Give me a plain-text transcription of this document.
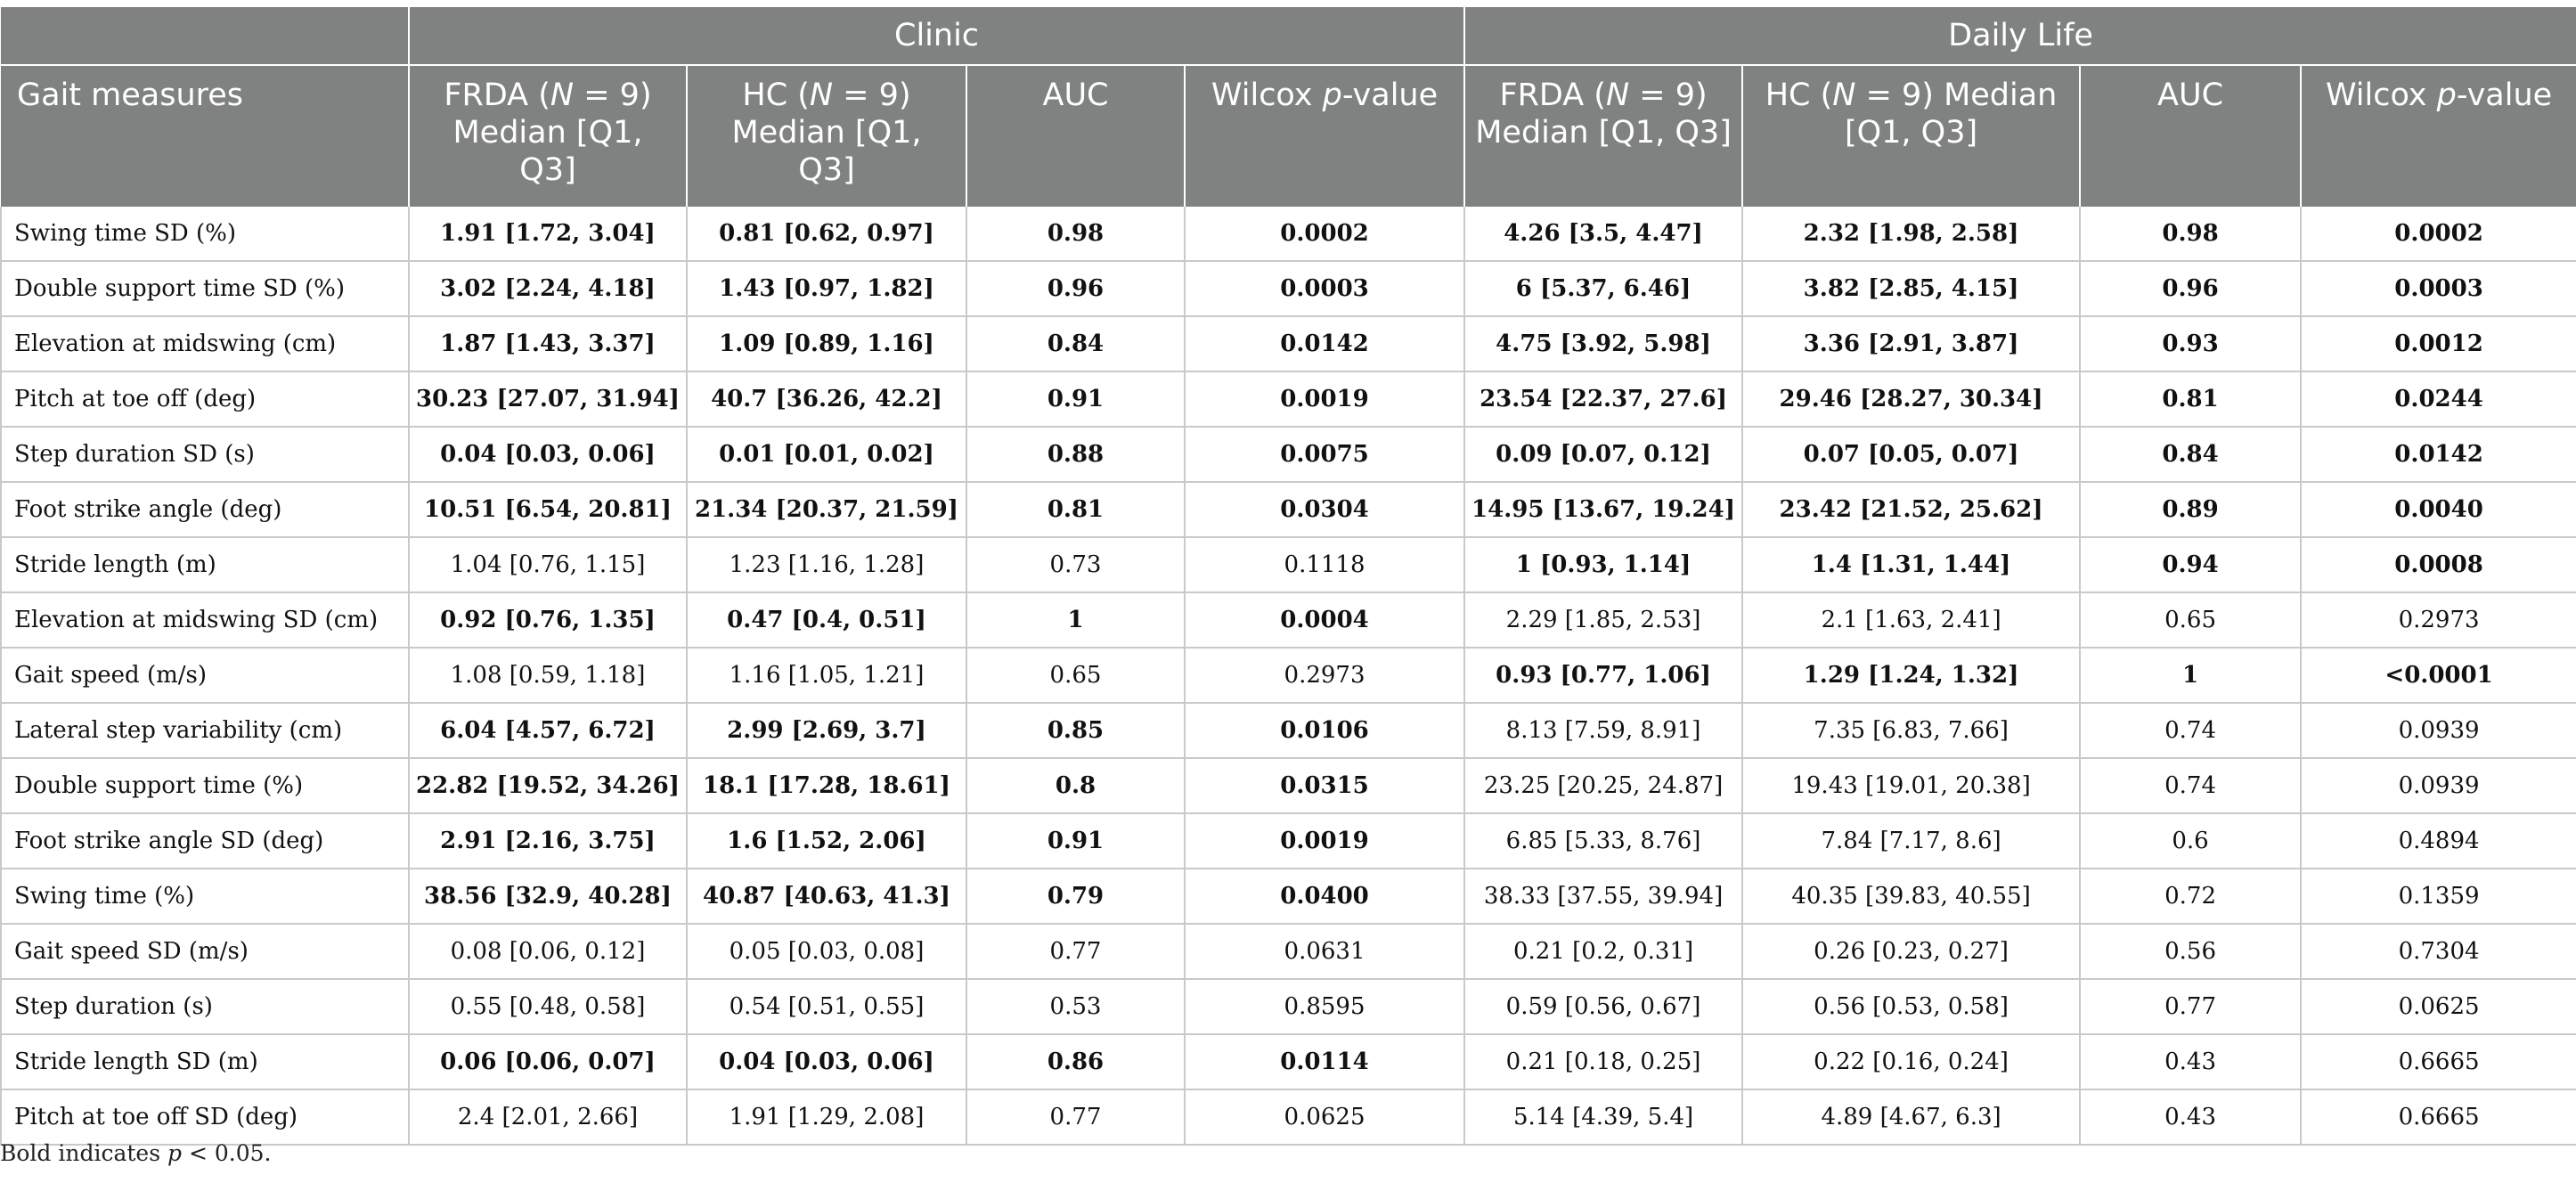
	Clinic				Daily Life			
Gait measures	FRDA (N = 9)
Median [Q1,
Q3]	HC (N = 9)
Median [Q1,
Q3]	AUC	Wilcox p-value	FRDA (N = 9)
Median [Q1, Q3]	HC (N = 9) Median
[Q1, Q3]	AUC	Wilcox p-value
Swing time SD (%)	1.91 [1.72, 3.04]	0.81 [0.62, 0.97]	0.98	0.0002	4.26 [3.5, 4.47]	2.32 [1.98, 2.58]	0.98	0.0002
Double support time SD (%)	3.02 [2.24, 4.18]	1.43 [0.97, 1.82]	0.96	0.0003	6 [5.37, 6.46]	3.82 [2.85, 4.15]	0.96	0.0003
Elevation at midswing (cm)	1.87 [1.43, 3.37]	1.09 [0.89, 1.16]	0.84	0.0142	4.75 [3.92, 5.98]	3.36 [2.91, 3.87]	0.93	0.0012
Pitch at toe off (deg)	30.23 [27.07, 31.94]	40.7 [36.26, 42.2]	0.91	0.0019	23.54 [22.37, 27.6]	29.46 [28.27, 30.34]	0.81	0.0244
Step duration SD (s)	0.04 [0.03, 0.06]	0.01 [0.01, 0.02]	0.88	0.0075	0.09 [0.07, 0.12]	0.07 [0.05, 0.07]	0.84	0.0142
Foot strike angle (deg)	10.51 [6.54, 20.81]	21.34 [20.37, 21.59]	0.81	0.0304	14.95 [13.67, 19.24]	23.42 [21.52, 25.62]	0.89	0.0040
Stride length (m)	1.04 [0.76, 1.15]	1.23 [1.16, 1.28]	0.73	0.1118	1 [0.93, 1.14]	1.4 [1.31, 1.44]	0.94	0.0008
Elevation at midswing SD (cm)	0.92 [0.76, 1.35]	0.47 [0.4, 0.51]	1	0.0004	2.29 [1.85, 2.53]	2.1 [1.63, 2.41]	0.65	0.2973
Gait speed (m/s)	1.08 [0.59, 1.18]	1.16 [1.05, 1.21]	0.65	0.2973	0.93 [0.77, 1.06]	1.29 [1.24, 1.32]	1	<0.0001
Lateral step variability (cm)	6.04 [4.57, 6.72]	2.99 [2.69, 3.7]	0.85	0.0106	8.13 [7.59, 8.91]	7.35 [6.83, 7.66]	0.74	0.0939
Double support time (%)	22.82 [19.52, 34.26]	18.1 [17.28, 18.61]	0.8	0.0315	23.25 [20.25, 24.87]	19.43 [19.01, 20.38]	0.74	0.0939
Foot strike angle SD (deg)	2.91 [2.16, 3.75]	1.6 [1.52, 2.06]	0.91	0.0019	6.85 [5.33, 8.76]	7.84 [7.17, 8.6]	0.6	0.4894
Swing time (%)	38.56 [32.9, 40.28]	40.87 [40.63, 41.3]	0.79	0.0400	38.33 [37.55, 39.94]	40.35 [39.83, 40.55]	0.72	0.1359
Gait speed SD (m/s)	0.08 [0.06, 0.12]	0.05 [0.03, 0.08]	0.77	0.0631	0.21 [0.2, 0.31]	0.26 [0.23, 0.27]	0.56	0.7304
Step duration (s)	0.55 [0.48, 0.58]	0.54 [0.51, 0.55]	0.53	0.8595	0.59 [0.56, 0.67]	0.56 [0.53, 0.58]	0.77	0.0625
Stride length SD (m)	0.06 [0.06, 0.07]	0.04 [0.03, 0.06]	0.86	0.0114	0.21 [0.18, 0.25]	0.22 [0.16, 0.24]	0.43	0.6665
Pitch at toe off SD (deg)	2.4 [2.01, 2.66]	1.91 [1.29, 2.08]	0.77	0.0625	5.14 [4.39, 5.4]	4.89 [4.67, 6.3]	0.43	0.6665
Bold indicates p < 0.05.
